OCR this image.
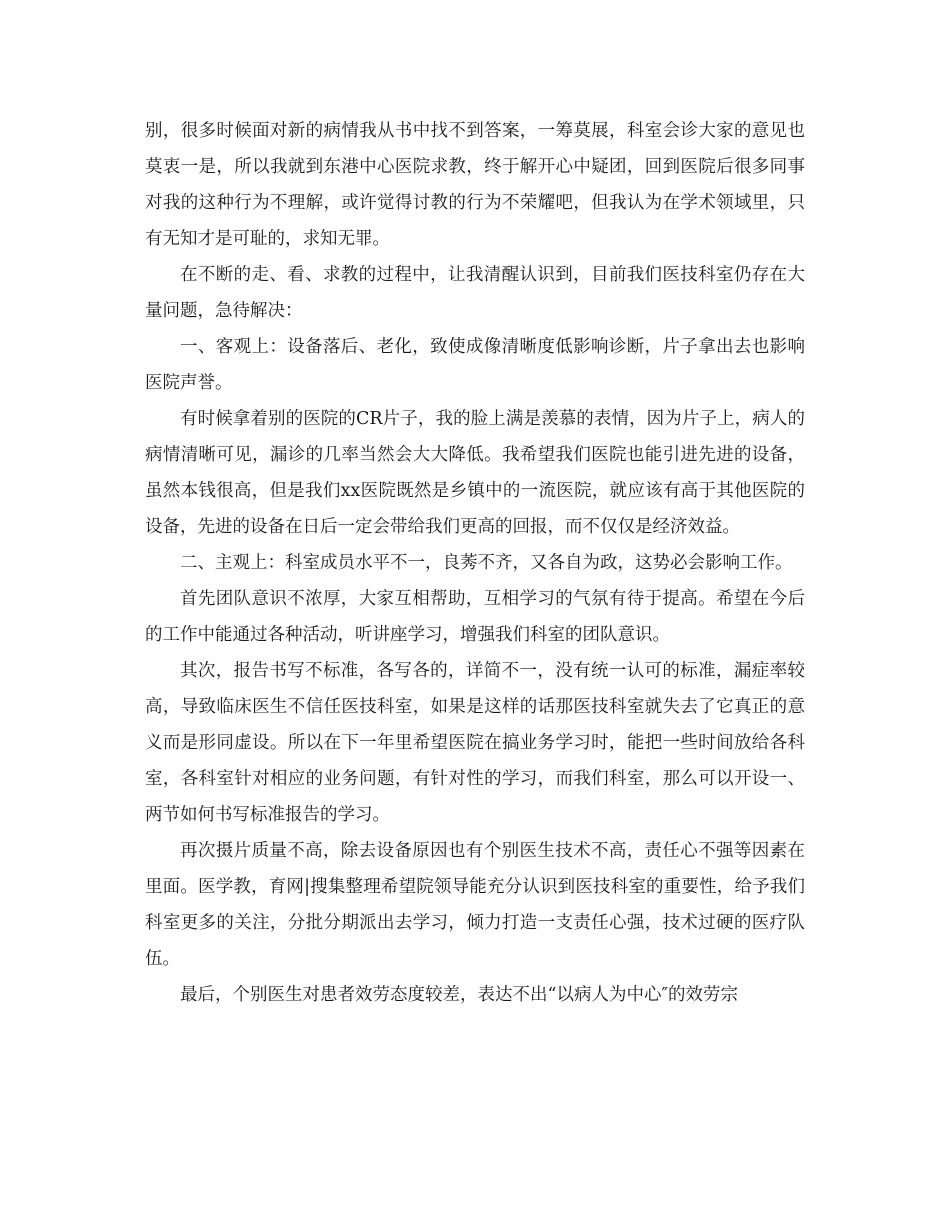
别，很多时候面对新的病情我从书中找不到答案，一筹莫展，科室会诊大家的意见也莫衷一是，所以我就到东港中心医院求教，终于解开心中疑团，回到医院后很多同事对我的这种行为不理解，或许觉得讨教的行为不荣耀吧，但我认为在学术领域里，只有无知才是可耻的，求知无罪。

在不断的走、看、求教的过程中，让我清醒认识到，目前我们医技科室仍存在大量问题，急待解决：

一、客观上：设备落后、老化，致使成像清晰度低影响诊断，片子拿出去也影响医院声誉。

有时候拿着别的医院的CR片子，我的脸上满是羡慕的表情，因为片子上，病人的病情清晰可见，漏诊的几率当然会大大降低。我希望我们医院也能引进先进的设备，虽然本钱很高，但是我们xx医院既然是乡镇中的一流医院，就应该有高于其他医院的设备，先进的设备在日后一定会带给我们更高的回报，而不仅仅是经济效益。

二、主观上：科室成员水平不一，良莠不齐，又各自为政，这势必会影响工作。

首先团队意识不浓厚，大家互相帮助，互相学习的气氛有待于提高。希望在今后的工作中能通过各种活动，听讲座学习，增强我们科室的团队意识。

其次，报告书写不标准，各写各的，详简不一，没有统一认可的标准，漏症率较高，导致临床医生不信任医技科室，如果是这样的话那医技科室就失去了它真正的意义而是形同虚设。所以在下一年里希望医院在搞业务学习时，能把一些时间放给各科室，各科室针对相应的业务问题，有针对性的学习，而我们科室，那么可以开设一、两节如何书写标准报告的学习。

再次摄片质量不高，除去设备原因也有个别医生技术不高，责任心不强等因素在里面。医学教，育网|搜集整理希望院领导能充分认识到医技科室的重要性，给予我们科室更多的关注，分批分期派出去学习，倾力打造一支责任心强，技术过硬的医疗队伍。

最后，个别医生对患者效劳态度较差，表达不出“以病人为中心″的效劳宗
